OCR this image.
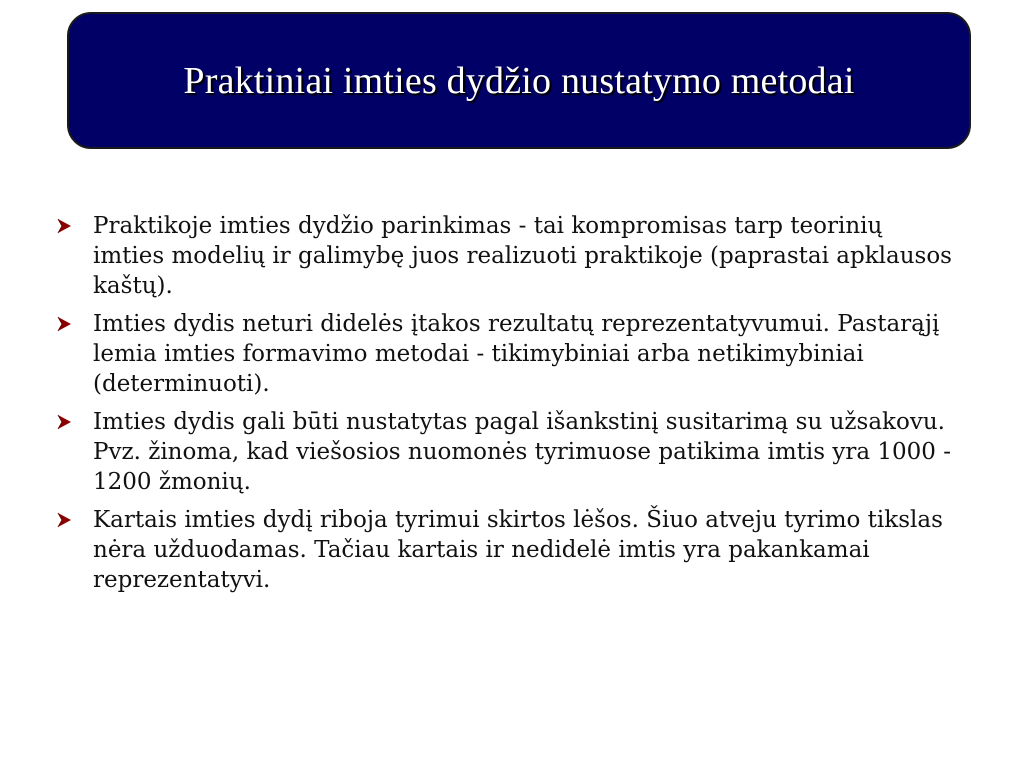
Praktiniai imties dydžio nustatymo metodai
Praktikoje imties dydžio parinkimas - tai kompromisas tarp teorinių imties modelių ir galimybę juos realizuoti praktikoje (paprastai apklausos kaštų).
Imties dydis neturi didelės įtakos rezultatų reprezentatyvumui. Pastarąjį lemia imties formavimo metodai - tikimybiniai arba netikimybiniai (determinuoti).
Imties dydis gali būti nustatytas pagal išankstinį susitarimą su užsakovu. Pvz. žinoma, kad viešosios nuomonės tyrimuose patikima imtis yra 1000 - 1200 žmonių.
Kartais imties dydį riboja tyrimui skirtos lėšos. Šiuo atveju tyrimo tikslas nėra užduodamas. Tačiau kartais ir nedidelė imtis yra pakankamai reprezentatyvi.
